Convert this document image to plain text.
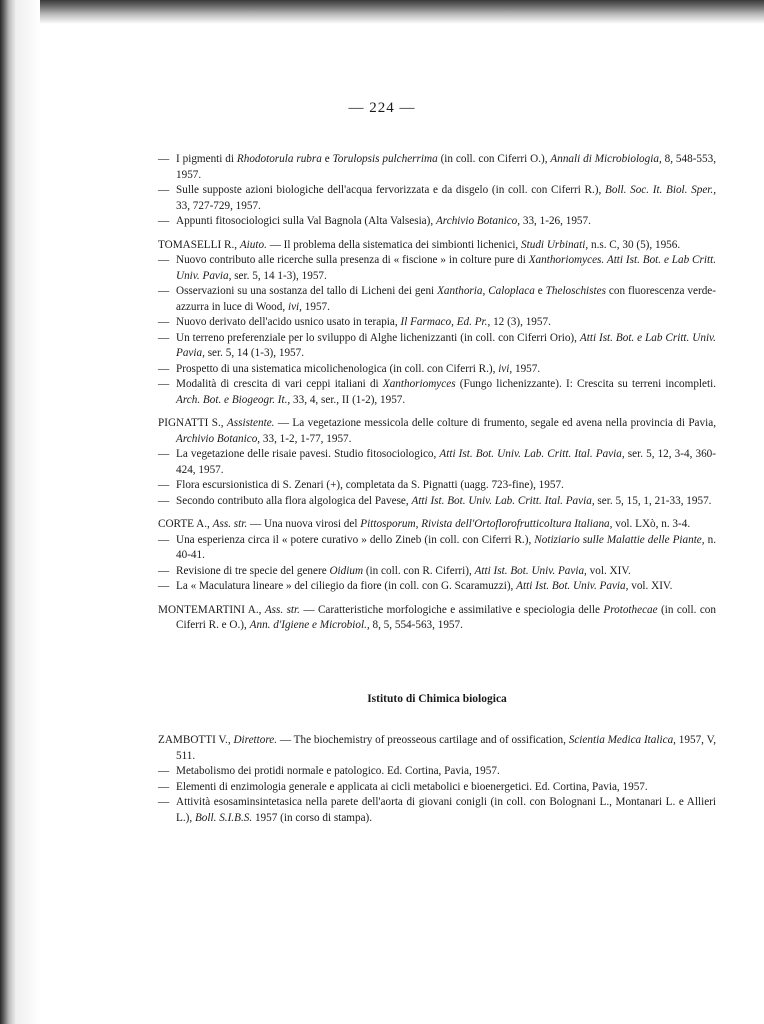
— 224 —

— I pigmenti di Rhodotorula rubra e Torulopsis pulcherrima (in coll. con Ciferri O.), Annali di Microbiologia, 8, 548-553, 1957.

— Sulle supposte azioni biologiche dell'acqua fervorizzata e da disgelo (in coll. con Ciferri R.), Boll. Soc. It. Biol. Sper., 33, 727-729, 1957.

— Appunti fitosociologici sulla Val Bagnola (Alta Valsesia), Archivio Botanico, 33, 1-26, 1957.

TOMASELLI R., Aiuto. — Il problema della sistematica dei simbionti lichenici, Studi Urbinati, n.s. C, 30 (5), 1956.

— Nuovo contributo alle ricerche sulla presenza di « fiscione » in colture pure di Xanthoriomyces. Atti Ist. Bot. e Lab Critt. Univ. Pavia, ser. 5, 14 1-3), 1957.

— Osservazioni su una sostanza del tallo di Licheni dei geni Xanthoria, Caloplaca e Theloschistes con fluorescenza verde-azzurra in luce di Wood, ivi, 1957.

— Nuovo derivato dell'acido usnico usato in terapia, Il Farmaco, Ed. Pr., 12 (3), 1957.

— Un terreno preferenziale per lo sviluppo di Alghe lichenizzanti (in coll. con Ciferri Orio), Atti Ist. Bot. e Lab Critt. Univ. Pavia, ser. 5, 14 (1-3), 1957.

— Prospetto di una sistematica micolichenologica (in coll. con Ciferri R.), ivi, 1957.

— Modalità di crescita di vari ceppi italiani di Xanthoriomyces (Fungo lichenizzante). I: Crescita su terreni incompleti. Arch. Bot. e Biogeogr. It., 33, 4, ser., II (1-2), 1957.

PIGNATTI S., Assistente. — La vegetazione messicola delle colture di frumento, segale ed avena nella provincia di Pavia, Archivio Botanico, 33, 1-2, 1-77, 1957.

— La vegetazione delle risaie pavesi. Studio fitosociologico, Atti Ist. Bot. Univ. Lab. Critt. Ital. Pavia, ser. 5, 12, 3-4, 360-424, 1957.

— Flora escursionistica di S. Zenari (+), completata da S. Pignatti (uagg. 723-fine), 1957.

— Secondo contributo alla flora algologica del Pavese, Atti Ist. Bot. Univ. Lab. Critt. Ital. Pavia, ser. 5, 15, 1, 21-33, 1957.

CORTE A., Ass. str. — Una nuova virosi del Pittosporum, Rivista dell'Ortoflorofrutticoltura Italiana, vol. LXò, n. 3-4.

— Una esperienza circa il « potere curativo » dello Zineb (in coll. con Ciferri R.), Notiziario sulle Malattie delle Piante, n. 40-41.

— Revisione di tre specie del genere Oidium (in coll. con R. Ciferri), Atti Ist. Bot. Univ. Pavia, vol. XIV.

— La « Maculatura lineare » del ciliegio da fiore (in coll. con G. Scaramuzzi), Atti Ist. Bot. Univ. Pavia, vol. XIV.

MONTEMARTINI A., Ass. str. — Caratteristiche morfologiche e assimilative e speciologia delle Protothecae (in coll. con Ciferri R. e O.), Ann. d'Igiene e Microbiol., 8, 5, 554-563, 1957.

Istituto di Chimica biologica

ZAMBOTTI V., Direttore. — The biochemistry of preosseous cartilage and of ossification, Scientia Medica Italica, 1957, V, 511.

— Metabolismo dei protidi normale e patologico. Ed. Cortina, Pavia, 1957.

— Elementi di enzimologia generale e applicata ai cicli metabolici e bioenergetici. Ed. Cortina, Pavia, 1957.

— Attività esosaminsintetasica nella parete dell'aorta di giovani conigli (in coll. con Bolognani L., Montanari L. e Allieri L.), Boll. S.I.B.S. 1957 (in corso di stampa).
